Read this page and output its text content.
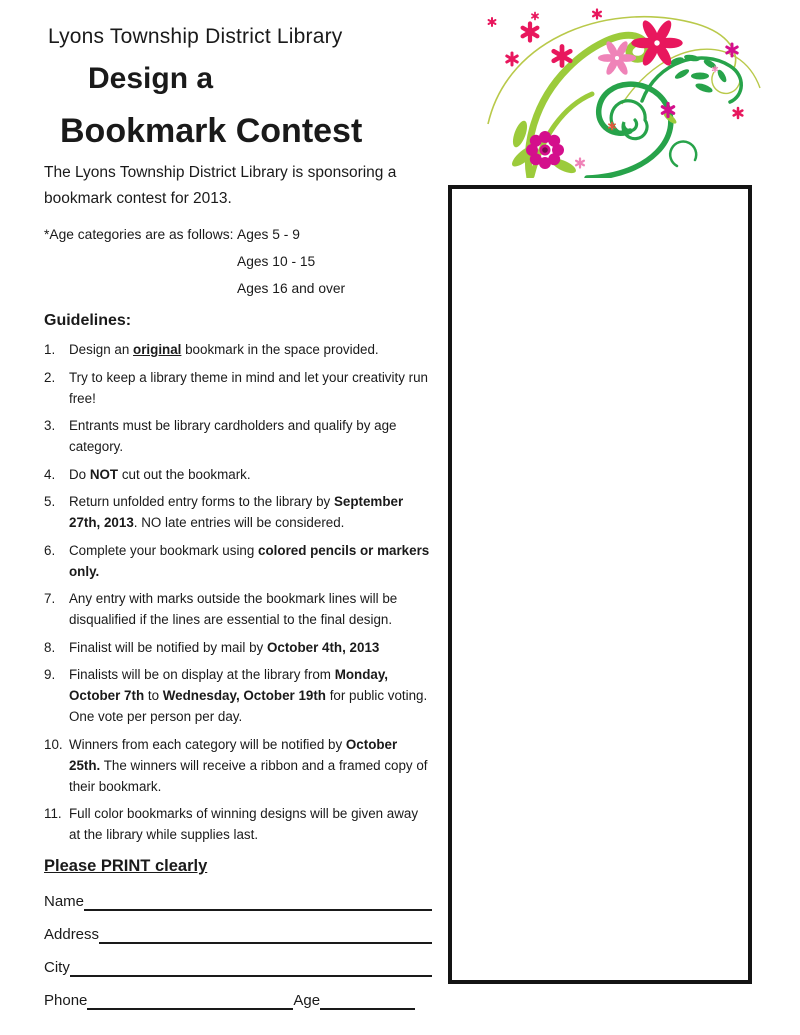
Lyons Township District Library
Design a
Bookmark Contest

The Lyons Township District Library is sponsoring a bookmark contest for 2013.

*Age categories are as follows: Ages 5 - 9
Ages 10 - 15
Ages 16 and over
Guidelines:
1.	Design an original bookmark in the space provided.
2.	Try to keep a library theme in mind and let your creativity run free!
3.	Entrants must be library cardholders and qualify by age category.
4.	Do NOT cut out the bookmark.
5.	Return unfolded entry forms to the library by September 27th, 2013. NO late entries will be considered.
6.	Complete your bookmark using colored pencils or markers only.
7.	Any entry with marks outside the bookmark lines will be disqualified if the lines are essential to the final design.
8.	Finalist will be notified by mail by October 4th, 2013
9.	Finalists will be on display at the library from Monday, October 7th to Wednesday, October 19th for public voting. One vote per person per day.
10. Winners from each category will be notified by October 25th. The winners will receive a ribbon and a framed copy of their bookmark.
11. Full color bookmarks of winning designs will be given away at the library while supplies last.
Please PRINT clearly
Name
Address
City
Phone	Age
